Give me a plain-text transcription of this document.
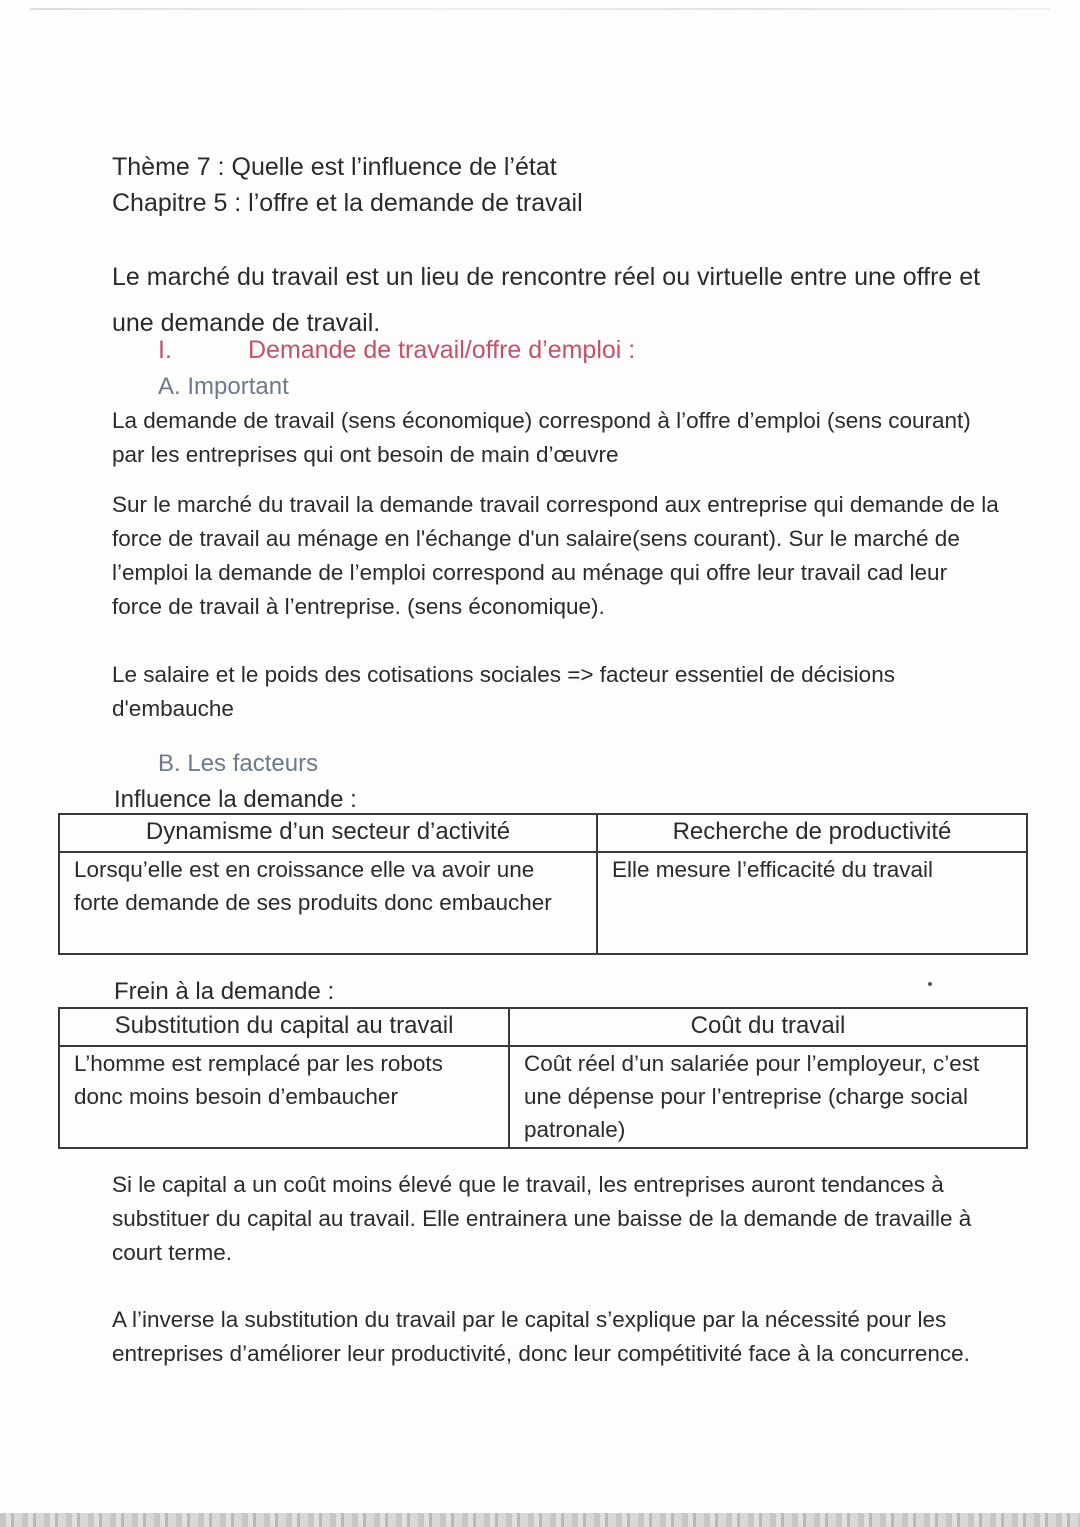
Thème 7 : Quelle est l’influence de l’état
Chapitre 5 : l’offre et la demande de travail
Le marché du travail est un lieu de rencontre réel ou virtuelle entre une offre et une demande de travail.
I.	Demande de travail/offre d’emploi :
A. Important
La demande de travail (sens économique) correspond à l’offre d’emploi (sens courant) par les entreprises qui ont besoin de main d’œuvre
Sur le marché du travail la demande travail correspond aux entreprise qui demande de la force de travail au ménage en l'échange d'un salaire(sens courant). Sur le marché de l’emploi la demande de l’emploi correspond au ménage qui offre leur travail cad leur force de travail à l’entreprise. (sens économique).
Le salaire et le poids des cotisations sociales => facteur essentiel de décisions d'embauche
B. Les facteurs
Influence la demande :
Dynamisme d’un secteur d’activité	Recherche de productivité
Lorsqu’elle est en croissance elle va avoir une forte demande de ses produits donc embaucher	Elle mesure l’efficacité du travail
Frein à la demande :
Substitution du capital au travail	Coût du travail
L’homme est remplacé par les robots donc moins besoin d’embaucher	Coût réel d’un salariée pour l’employeur, c’est une dépense pour l’entreprise (charge social patronale)
Si le capital a un coût moins élevé que le travail, les entreprises auront tendances à substituer du capital au travail. Elle entrainera une baisse de la demande de travaille à court terme.
A l’inverse la substitution du travail par le capital s’explique par la nécessité pour les entreprises d’améliorer leur productivité, donc leur compétitivité face à la concurrence.
